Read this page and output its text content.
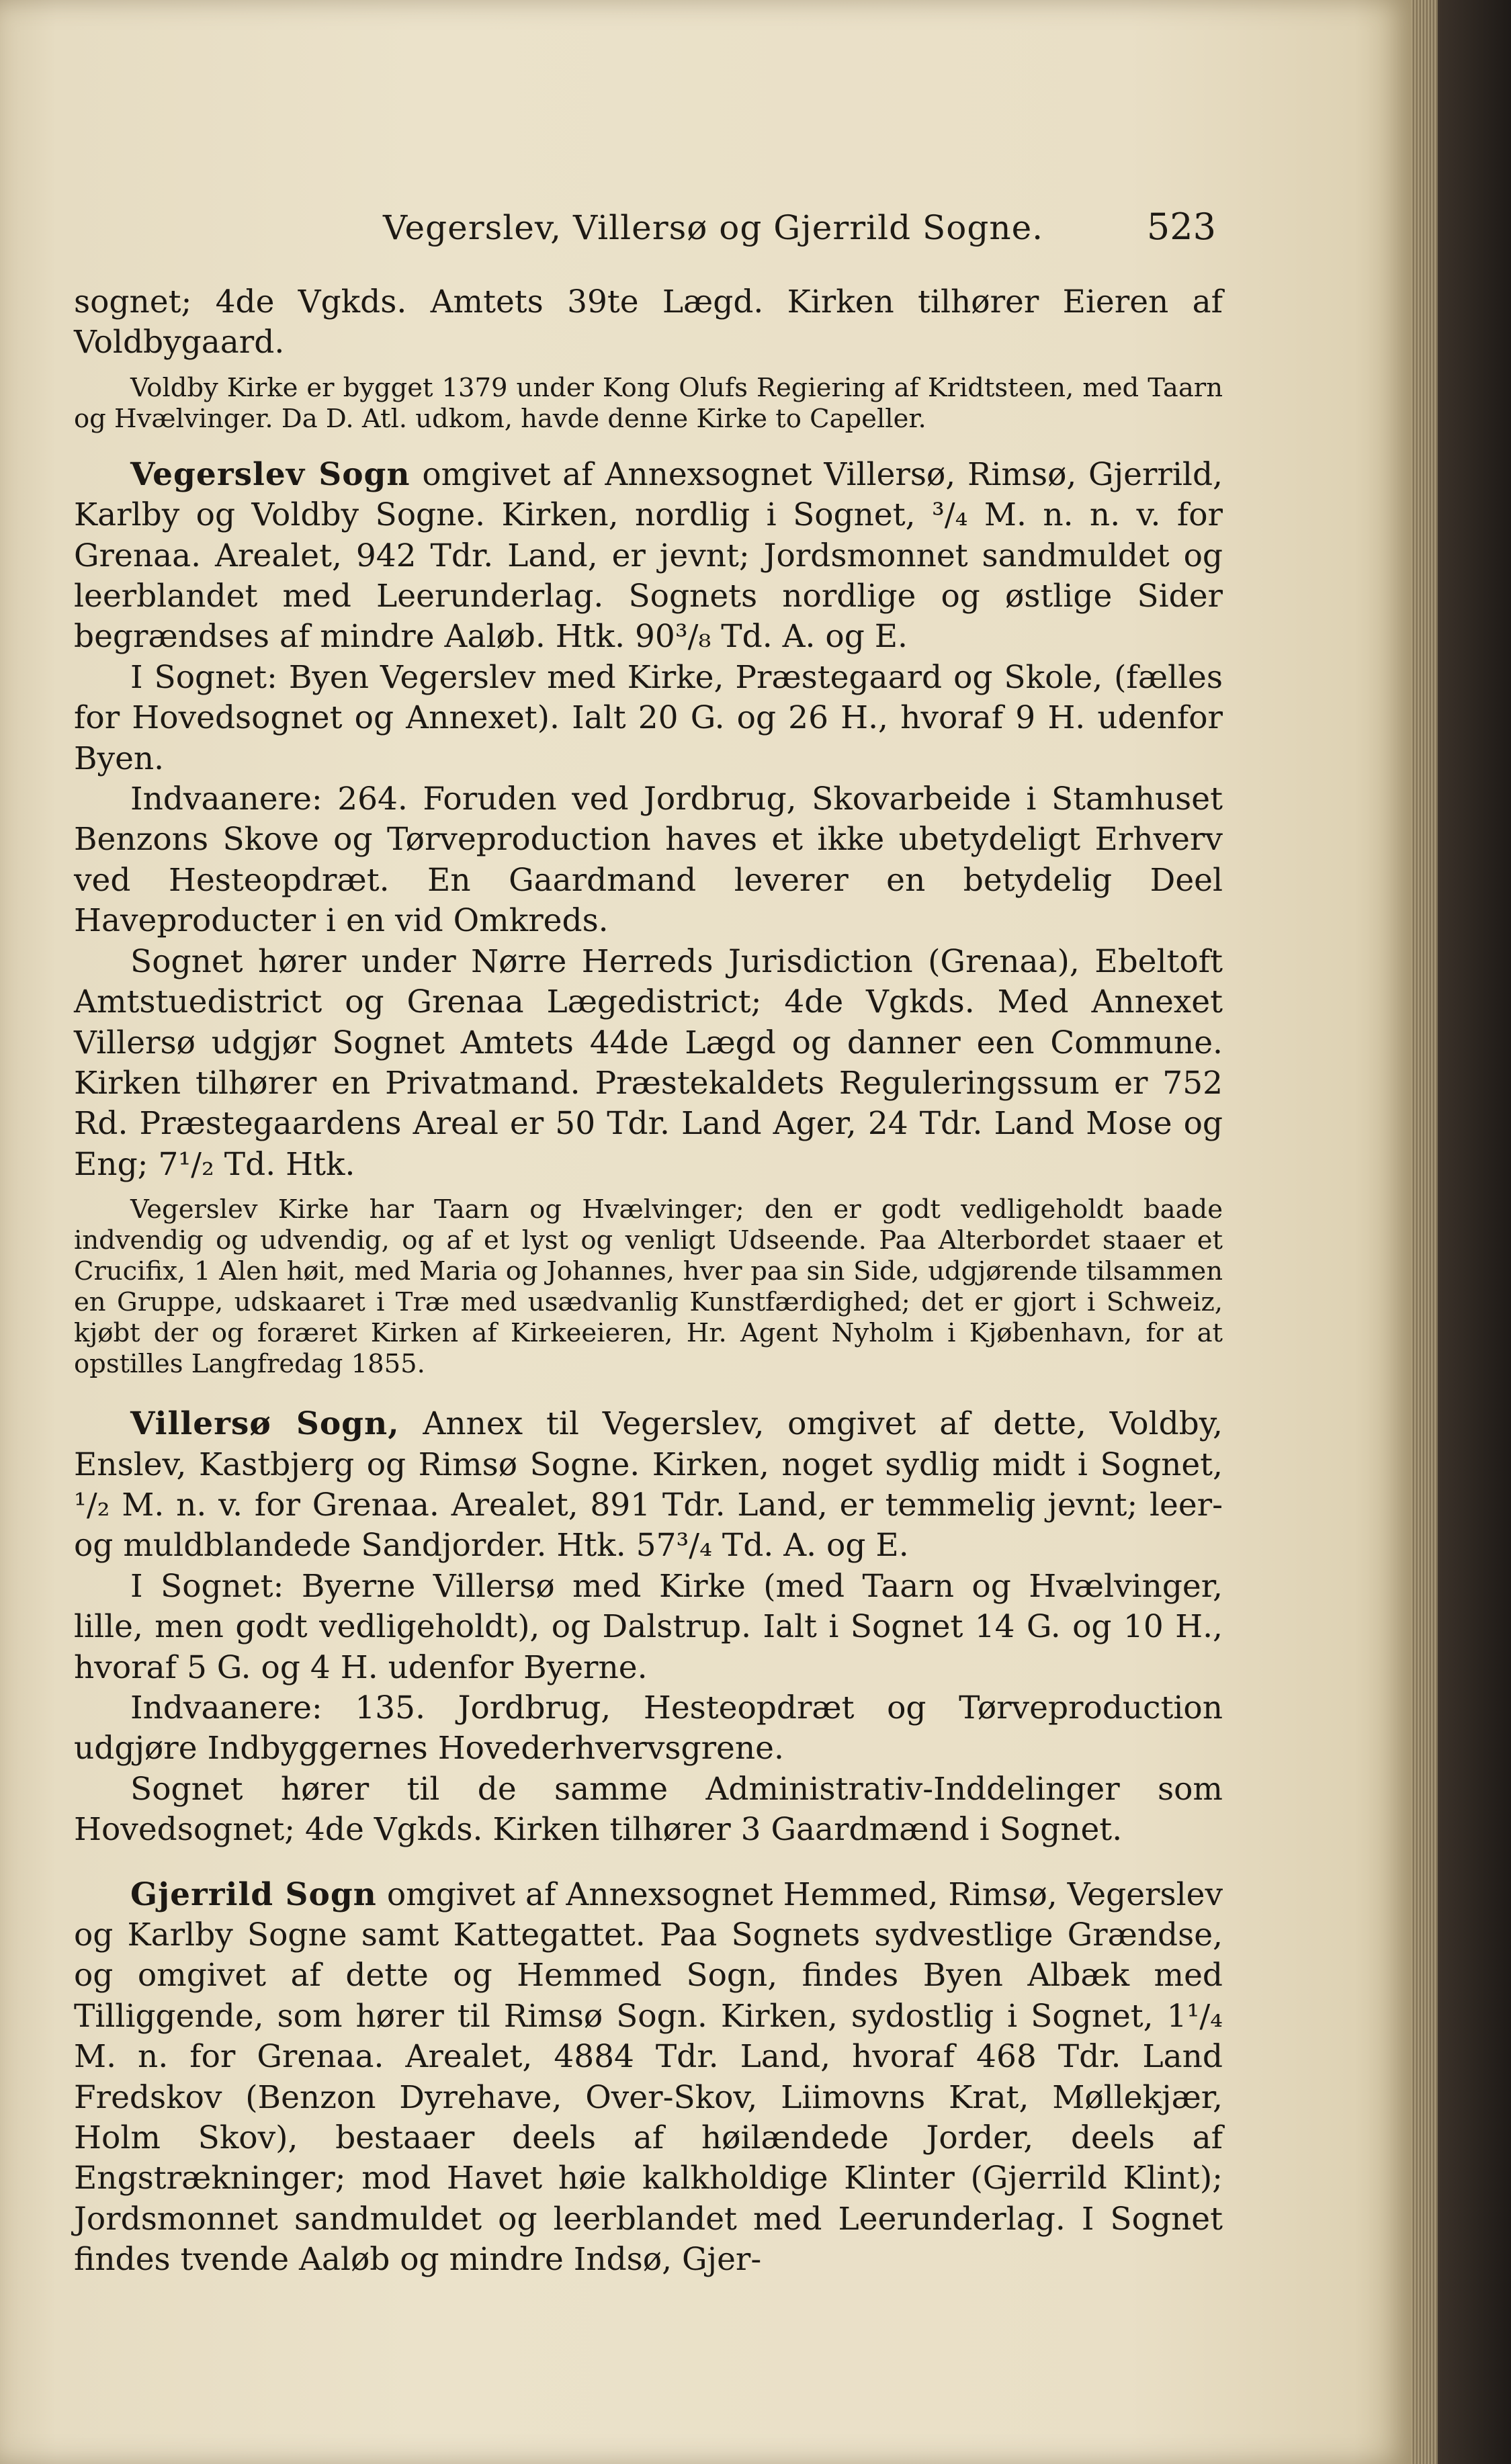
Vegerslev, Villersø og Gjerrild Sogne.	523

sognet; 4de Vgkds. Amtets 39te Lægd. Kirken tilhører Eieren af Voldbygaard.

Voldby Kirke er bygget 1379 under Kong Olufs Regiering af Kridtsteen, med Taarn og Hvælvinger. Da D. Atl. udkom, havde denne Kirke to Capeller.

Vegerslev Sogn omgivet af Annexsognet Villersø, Rimsø, Gjerrild, Karlby og Voldby Sogne. Kirken, nordlig i Sognet, ³/₄ M. n. n. v. for Grenaa. Arealet, 942 Tdr. Land, er jevnt; Jordsmonnet sandmuldet og leerblandet med Leerunderlag. Sognets nordlige og østlige Sider begrændses af mindre Aaløb. Htk. 90³/₈ Td. A. og E.

I Sognet: Byen Vegerslev med Kirke, Præstegaard og Skole, (fælles for Hovedsognet og Annexet). Ialt 20 G. og 26 H., hvoraf 9 H. udenfor Byen.

Indvaanere: 264. Foruden ved Jordbrug, Skovarbeide i Stamhuset Benzons Skove og Tørveproduction haves et ikke ubetydeligt Erhverv ved Hesteopdræt. En Gaardmand leverer en betydelig Deel Haveproducter i en vid Omkreds.

Sognet hører under Nørre Herreds Jurisdiction (Grenaa), Ebeltoft Amtstuedistrict og Grenaa Lægedistrict; 4de Vgkds. Med Annexet Villersø udgjør Sognet Amtets 44de Lægd og danner een Commune. Kirken tilhører en Privatmand. Præstekaldets Reguleringssum er 752 Rd. Præstegaardens Areal er 50 Tdr. Land Ager, 24 Tdr. Land Mose og Eng; 7¹/₂ Td. Htk.

Vegerslev Kirke har Taarn og Hvælvinger; den er godt vedligeholdt baade indvendig og udvendig, og af et lyst og venligt Udseende. Paa Alterbordet staaer et Crucifix, 1 Alen høit, med Maria og Johannes, hver paa sin Side, udgjørende tilsammen en Gruppe, udskaaret i Træ med usædvanlig Kunstfærdighed; det er gjort i Schweiz, kjøbt der og foræret Kirken af Kirkeeieren, Hr. Agent Nyholm i Kjøbenhavn, for at opstilles Langfredag 1855.

Villersø Sogn, Annex til Vegerslev, omgivet af dette, Voldby, Enslev, Kastbjerg og Rimsø Sogne. Kirken, noget sydlig midt i Sognet, ¹/₂ M. n. v. for Grenaa. Arealet, 891 Tdr. Land, er temmelig jevnt; leer- og muldblandede Sandjorder. Htk. 57³/₄ Td. A. og E.

I Sognet: Byerne Villersø med Kirke (med Taarn og Hvælvinger, lille, men godt vedligeholdt), og Dalstrup. Ialt i Sognet 14 G. og 10 H., hvoraf 5 G. og 4 H. udenfor Byerne.

Indvaanere: 135. Jordbrug, Hesteopdræt og Tørveproduction udgjøre Indbyggernes Hovederhvervsgrene.

Sognet hører til de samme Administrativ-Inddelinger som Hovedsognet; 4de Vgkds. Kirken tilhører 3 Gaardmænd i Sognet.

Gjerrild Sogn omgivet af Annexsognet Hemmed, Rimsø, Vegerslev og Karlby Sogne samt Kattegattet. Paa Sognets sydvestlige Grændse, og omgivet af dette og Hemmed Sogn, findes Byen Albæk med Tilliggende, som hører til Rimsø Sogn. Kirken, sydostlig i Sognet, 1¹/₄ M. n. for Grenaa. Arealet, 4884 Tdr. Land, hvoraf 468 Tdr. Land Fredskov (Benzon Dyrehave, Over-Skov, Liimovns Krat, Møllekjær, Holm Skov), bestaaer deels af høilændede Jorder, deels af Engstrækninger; mod Havet høie kalkholdige Klinter (Gjerrild Klint); Jordsmonnet sandmuldet og leerblandet med Leerunderlag. I Sognet findes tvende Aaløb og mindre Indsø, Gjer-
